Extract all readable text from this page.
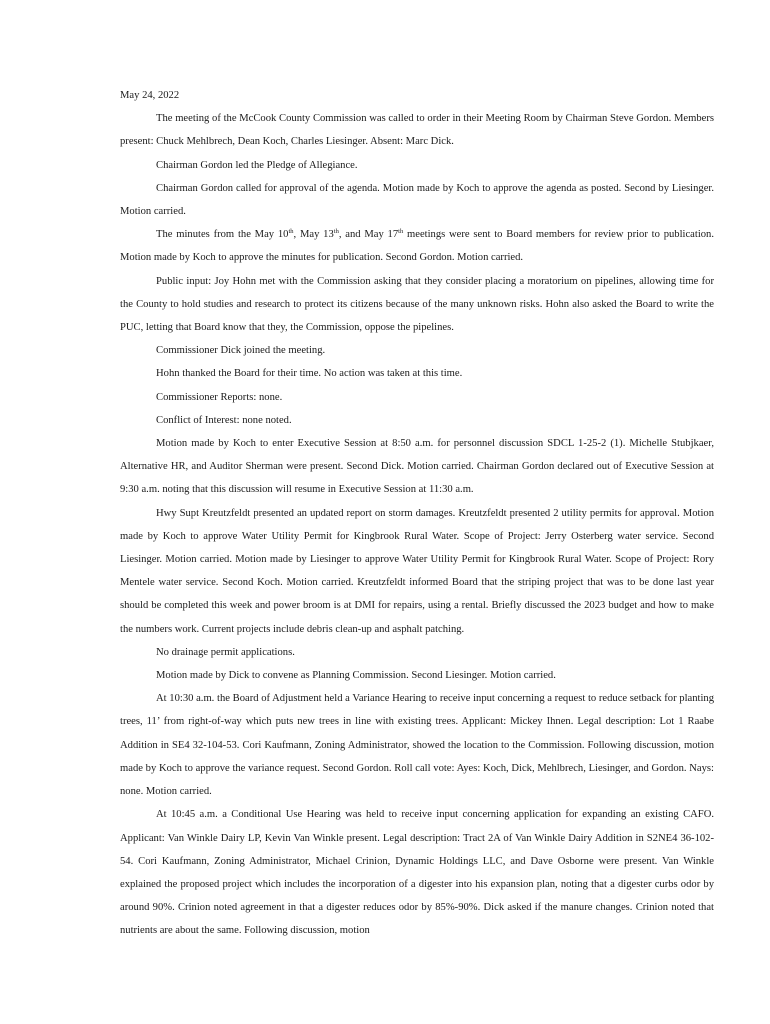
May 24, 2022

The meeting of the McCook County Commission was called to order in their Meeting Room by Chairman Steve Gordon. Members present: Chuck Mehlbrech, Dean Koch, Charles Liesinger. Absent: Marc Dick.

Chairman Gordon led the Pledge of Allegiance.

Chairman Gordon called for approval of the agenda. Motion made by Koch to approve the agenda as posted. Second by Liesinger. Motion carried.

The minutes from the May 10th, May 13th, and May 17th meetings were sent to Board members for review prior to publication. Motion made by Koch to approve the minutes for publication. Second Gordon. Motion carried.

Public input: Joy Hohn met with the Commission asking that they consider placing a moratorium on pipelines, allowing time for the County to hold studies and research to protect its citizens because of the many unknown risks. Hohn also asked the Board to write the PUC, letting that Board know that they, the Commission, oppose the pipelines.

Commissioner Dick joined the meeting.

Hohn thanked the Board for their time. No action was taken at this time.

Commissioner Reports: none.

Conflict of Interest: none noted.

Motion made by Koch to enter Executive Session at 8:50 a.m. for personnel discussion SDCL 1-25-2 (1). Michelle Stubjkaer, Alternative HR, and Auditor Sherman were present. Second Dick. Motion carried. Chairman Gordon declared out of Executive Session at 9:30 a.m. noting that this discussion will resume in Executive Session at 11:30 a.m.

Hwy Supt Kreutzfeldt presented an updated report on storm damages. Kreutzfeldt presented 2 utility permits for approval. Motion made by Koch to approve Water Utility Permit for Kingbrook Rural Water. Scope of Project: Jerry Osterberg water service. Second Liesinger. Motion carried. Motion made by Liesinger to approve Water Utility Permit for Kingbrook Rural Water. Scope of Project: Rory Mentele water service. Second Koch. Motion carried. Kreutzfeldt informed Board that the striping project that was to be done last year should be completed this week and power broom is at DMI for repairs, using a rental. Briefly discussed the 2023 budget and how to make the numbers work. Current projects include debris clean-up and asphalt patching.

No drainage permit applications.

Motion made by Dick to convene as Planning Commission. Second Liesinger. Motion carried.

At 10:30 a.m. the Board of Adjustment held a Variance Hearing to receive input concerning a request to reduce setback for planting trees, 11’ from right-of-way which puts new trees in line with existing trees. Applicant: Mickey Ihnen. Legal description: Lot 1 Raabe Addition in SE4 32-104-53. Cori Kaufmann, Zoning Administrator, showed the location to the Commission. Following discussion, motion made by Koch to approve the variance request. Second Gordon. Roll call vote: Ayes: Koch, Dick, Mehlbrech, Liesinger, and Gordon. Nays: none. Motion carried.

At 10:45 a.m. a Conditional Use Hearing was held to receive input concerning application for expanding an existing CAFO. Applicant: Van Winkle Dairy LP, Kevin Van Winkle present. Legal description: Tract 2A of Van Winkle Dairy Addition in S2NE4 36-102-54. Cori Kaufmann, Zoning Administrator, Michael Crinion, Dynamic Holdings LLC, and Dave Osborne were present. Van Winkle explained the proposed project which includes the incorporation of a digester into his expansion plan, noting that a digester curbs odor by around 90%. Crinion noted agreement in that a digester reduces odor by 85%-90%. Dick asked if the manure changes. Crinion noted that nutrients are about the same. Following discussion, motion
